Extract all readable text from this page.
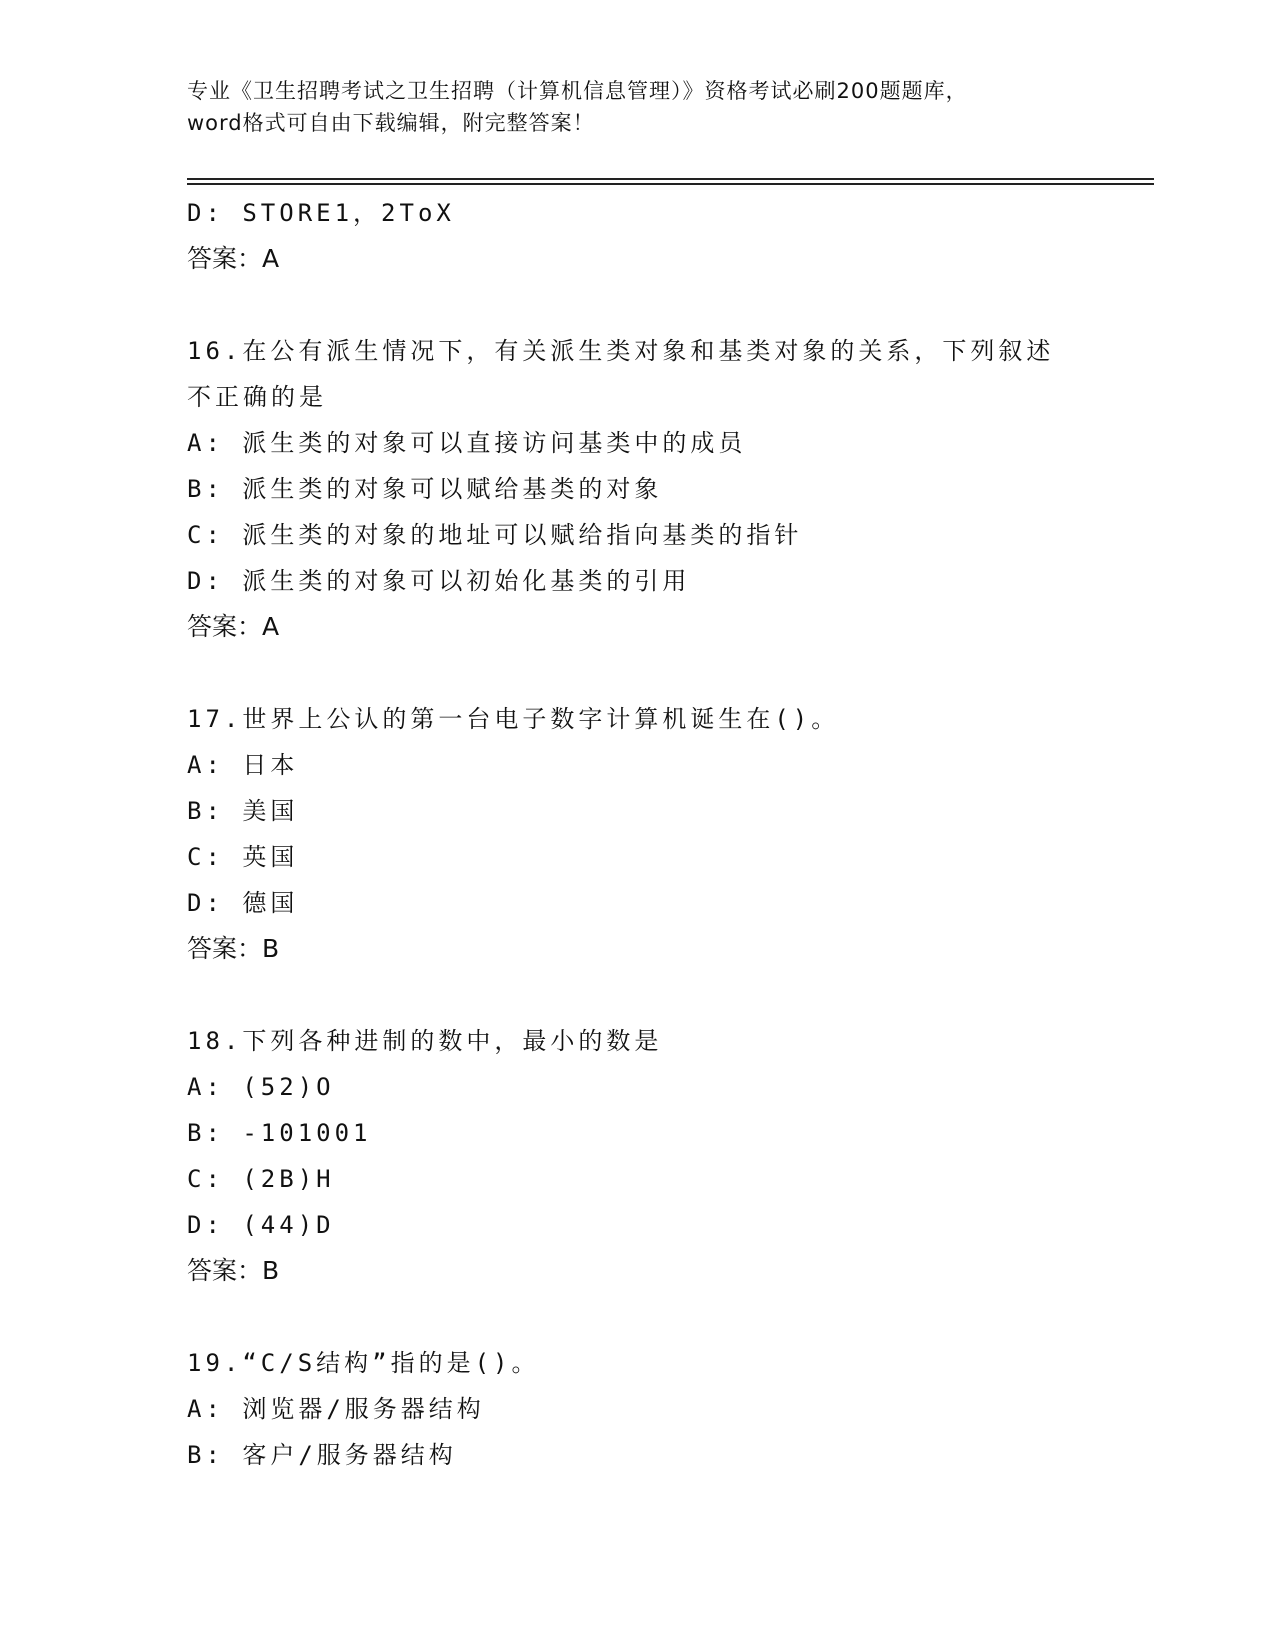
专业《卫生招聘考试之卫生招聘（计算机信息管理）》资格考试必刷200题题库，
word格式可自由下载编辑，附完整答案！
D: STORE1，2ToX
答案：A
16.在公有派生情况下，有关派生类对象和基类对象的关系，下列叙述
不正确的是
A: 派生类的对象可以直接访问基类中的成员
B: 派生类的对象可以赋给基类的对象
C: 派生类的对象的地址可以赋给指向基类的指针
D: 派生类的对象可以初始化基类的引用
答案：A
17.世界上公认的第一台电子数字计算机诞生在()。
A: 日本
B: 美国
C: 英国
D: 德国
答案：B
18.下列各种进制的数中，最小的数是
A: (52)O
B: -101001
C: (2B)H
D: (44)D
答案：B
19.“C/S结构”指的是()。
A: 浏览器/服务器结构
B: 客户/服务器结构
